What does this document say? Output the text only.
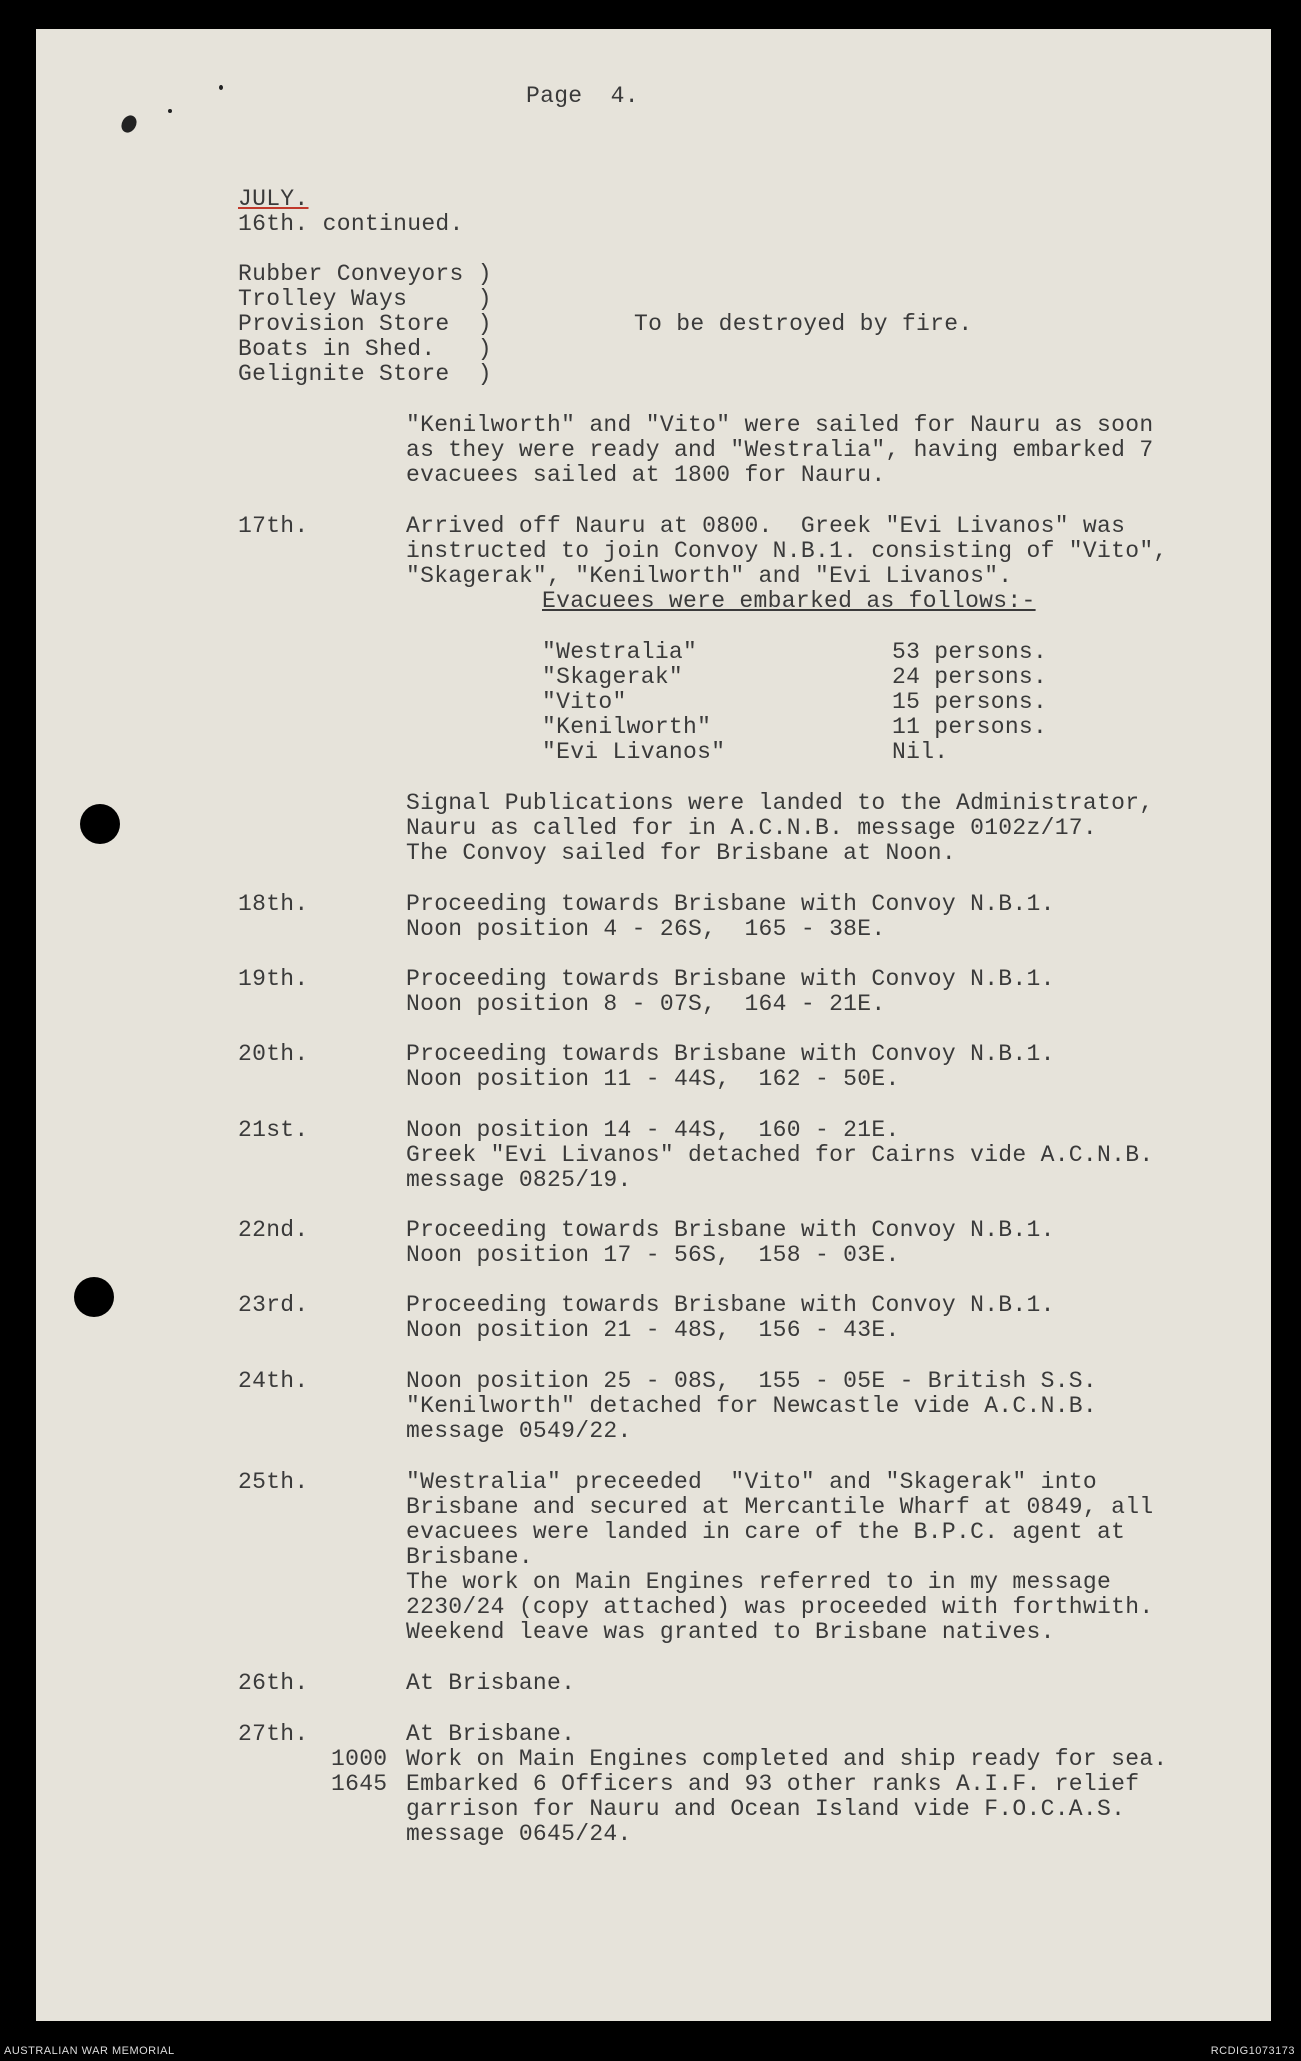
Page  4.
JULY.
16th. continued.
Rubber Conveyors )
Trolley Ways     )
Provision Store  )
Boats in Shed.   )
Gelignite Store  )
To be destroyed by fire.
"Kenilworth" and "Vito" were sailed for Nauru as soon
as they were ready and "Westralia", having embarked 7
evacuees sailed at 1800 for Nauru.
17th.	Arrived off Nauru at 0800.  Greek "Evi Livanos" was
instructed to join Convoy N.B.1. consisting of "Vito",
"Skagerak", "Kenilworth" and "Evi Livanos".
Evacuees were embarked as follows:-
"Westralia"	53 persons.
"Skagerak"	24 persons.
"Vito"	15 persons.
"Kenilworth"	11 persons.
"Evi Livanos"	Nil.
Signal Publications were landed to the Administrator,
Nauru as called for in A.C.N.B. message 0102z/17.
The Convoy sailed for Brisbane at Noon.
18th.	Proceeding towards Brisbane with Convoy N.B.1.
Noon position 4 - 26S,  165 - 38E.
19th.	Proceeding towards Brisbane with Convoy N.B.1.
Noon position 8 - 07S,  164 - 21E.
20th.	Proceeding towards Brisbane with Convoy N.B.1.
Noon position 11 - 44S,  162 - 50E.
21st.	Noon position 14 - 44S,  160 - 21E.
Greek "Evi Livanos" detached for Cairns vide A.C.N.B.
message 0825/19.
22nd.	Proceeding towards Brisbane with Convoy N.B.1.
Noon position 17 - 56S,  158 - 03E.
23rd.	Proceeding towards Brisbane with Convoy N.B.1.
Noon position 21 - 48S,  156 - 43E.
24th.	Noon position 25 - 08S,  155 - 05E - British S.S.
"Kenilworth" detached for Newcastle vide A.C.N.B.
message 0549/22.
25th.	"Westralia" preceeded  "Vito" and "Skagerak" into
Brisbane and secured at Mercantile Wharf at 0849, all
evacuees were landed in care of the B.P.C. agent at
Brisbane.
The work on Main Engines referred to in my message
2230/24 (copy attached) was proceeded with forthwith.
Weekend leave was granted to Brisbane natives.
26th.	At Brisbane.
27th.	At Brisbane.
1000 Work on Main Engines completed and ship ready for sea.
1645 Embarked 6 Officers and 93 other ranks A.I.F. relief
garrison for Nauru and Ocean Island vide F.O.C.A.S.
message 0645/24.
AUSTRALIAN WAR MEMORIAL	RCDIG1073173
